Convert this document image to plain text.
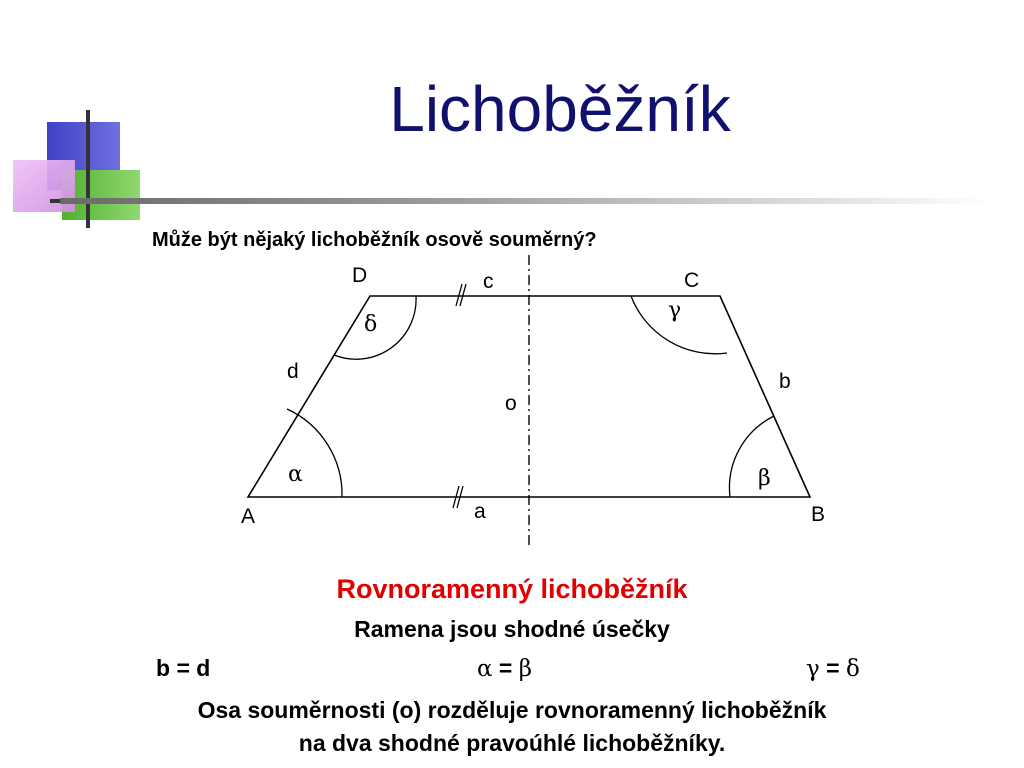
Lichoběžník
Může být nějaký lichoběžník osově souměrný?
A	B
C
D
a
b
c
d
o
α	β
γ
δ
Rovnoramenný lichoběžník
Ramena jsou shodné úsečky
b = d	α = β	γ = δ
Osa souměrnosti (o) rozděluje rovnoramenný lichoběžník
na dva shodné pravoúhlé lichoběžníky.
